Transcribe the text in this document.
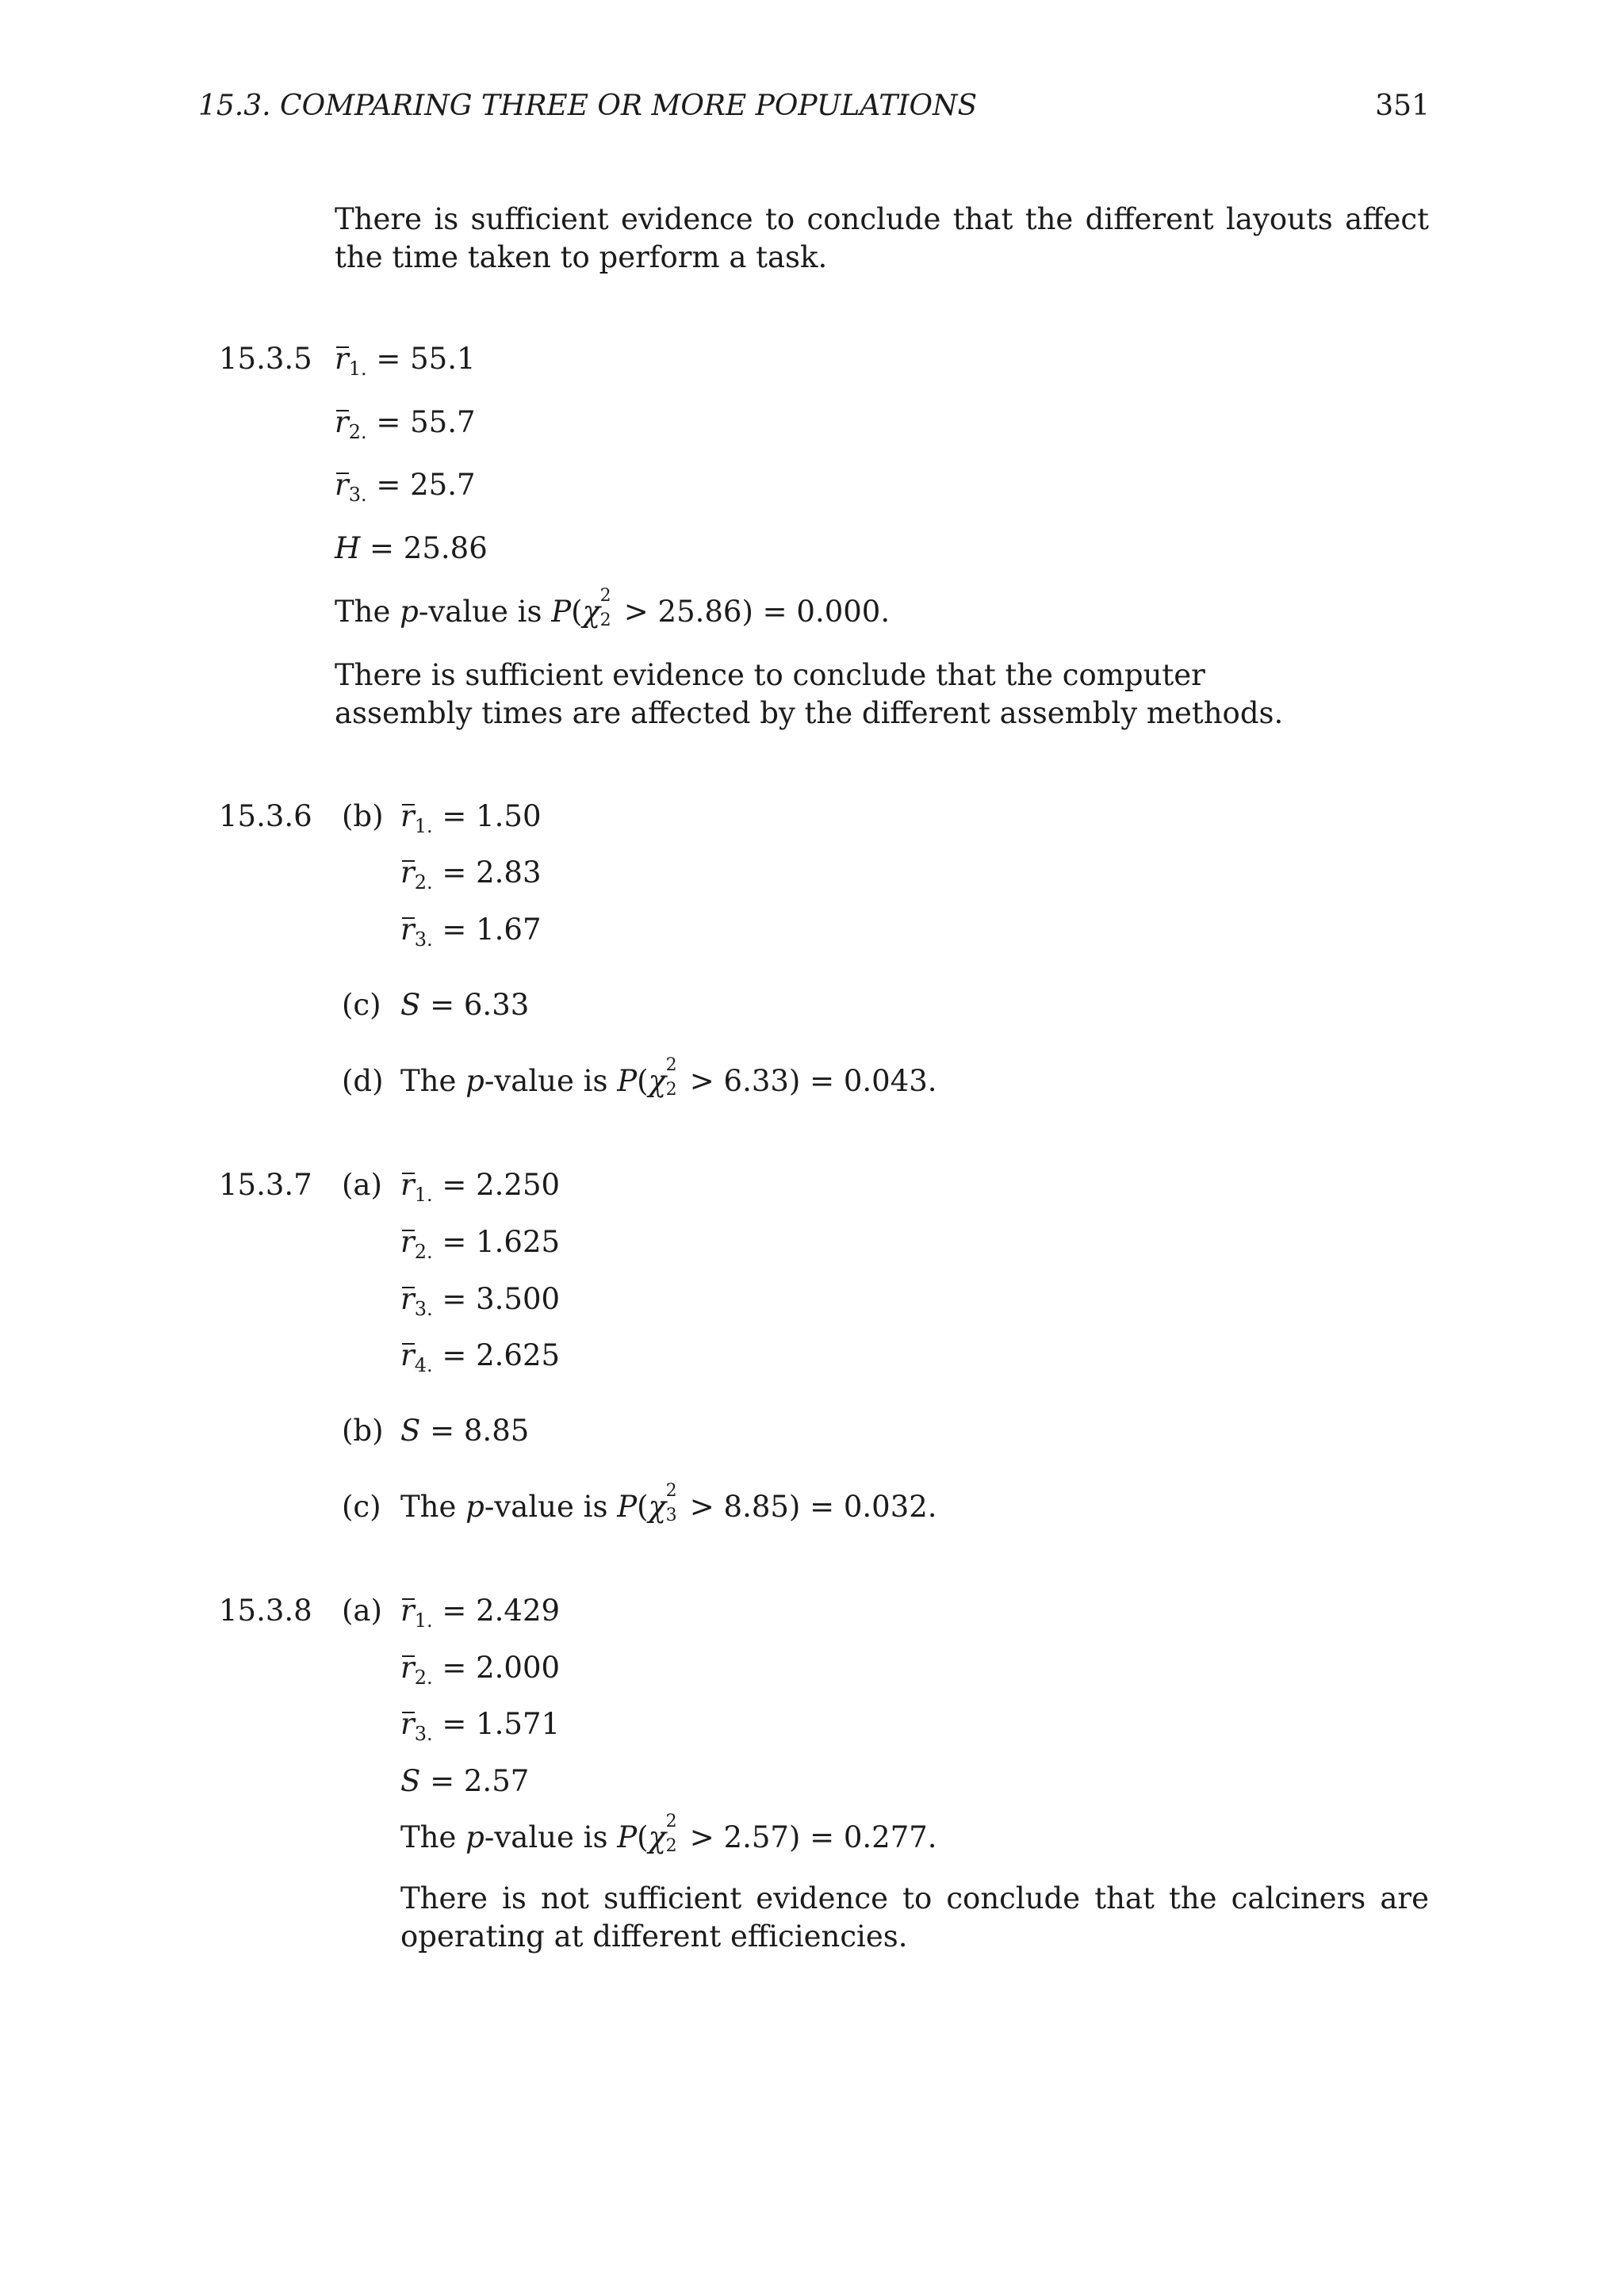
15.3. COMPARING THREE OR MORE POPULATIONS	351
There is sufficient evidence to conclude that the different layouts affect the time taken to perform a task.
15.3.5 $r_{1.} = 55.1$
$r_{2.} = 55.7$
$r_{3.} = 25.7$
H = 25.86
The p-value is P(χ 2
2 > 25.86) = 0.000.
There is sufficient evidence to conclude that the computer
assembly times are affected by the different assembly methods.
15.3.6 (b) $r_{1.} = 1.50$
$r_{2.} = 2.83$
$r_{3.} = 1.67$
(c) S = 6.33
(d) The p-value is P(χ 2
2 > 6.33) = 0.043.
15.3.7 (a) $r_{1.} = 2.250$
$r_{2.} = 1.625$
$r_{3.} = 3.500$
$r_{4.} = 2.625$
(b) S = 8.85
(c) The p-value is P(χ 2
3 > 8.85) = 0.032.
15.3.8 (a) $r_{1.} = 2.429$
$r_{2.} = 2.000$
$r_{3.} = 1.571$
S = 2.57
The p-value is P(χ 2
2 > 2.57) = 0.277.
There is not sufficient evidence to conclude that the calciners are operating at different efficiencies.
